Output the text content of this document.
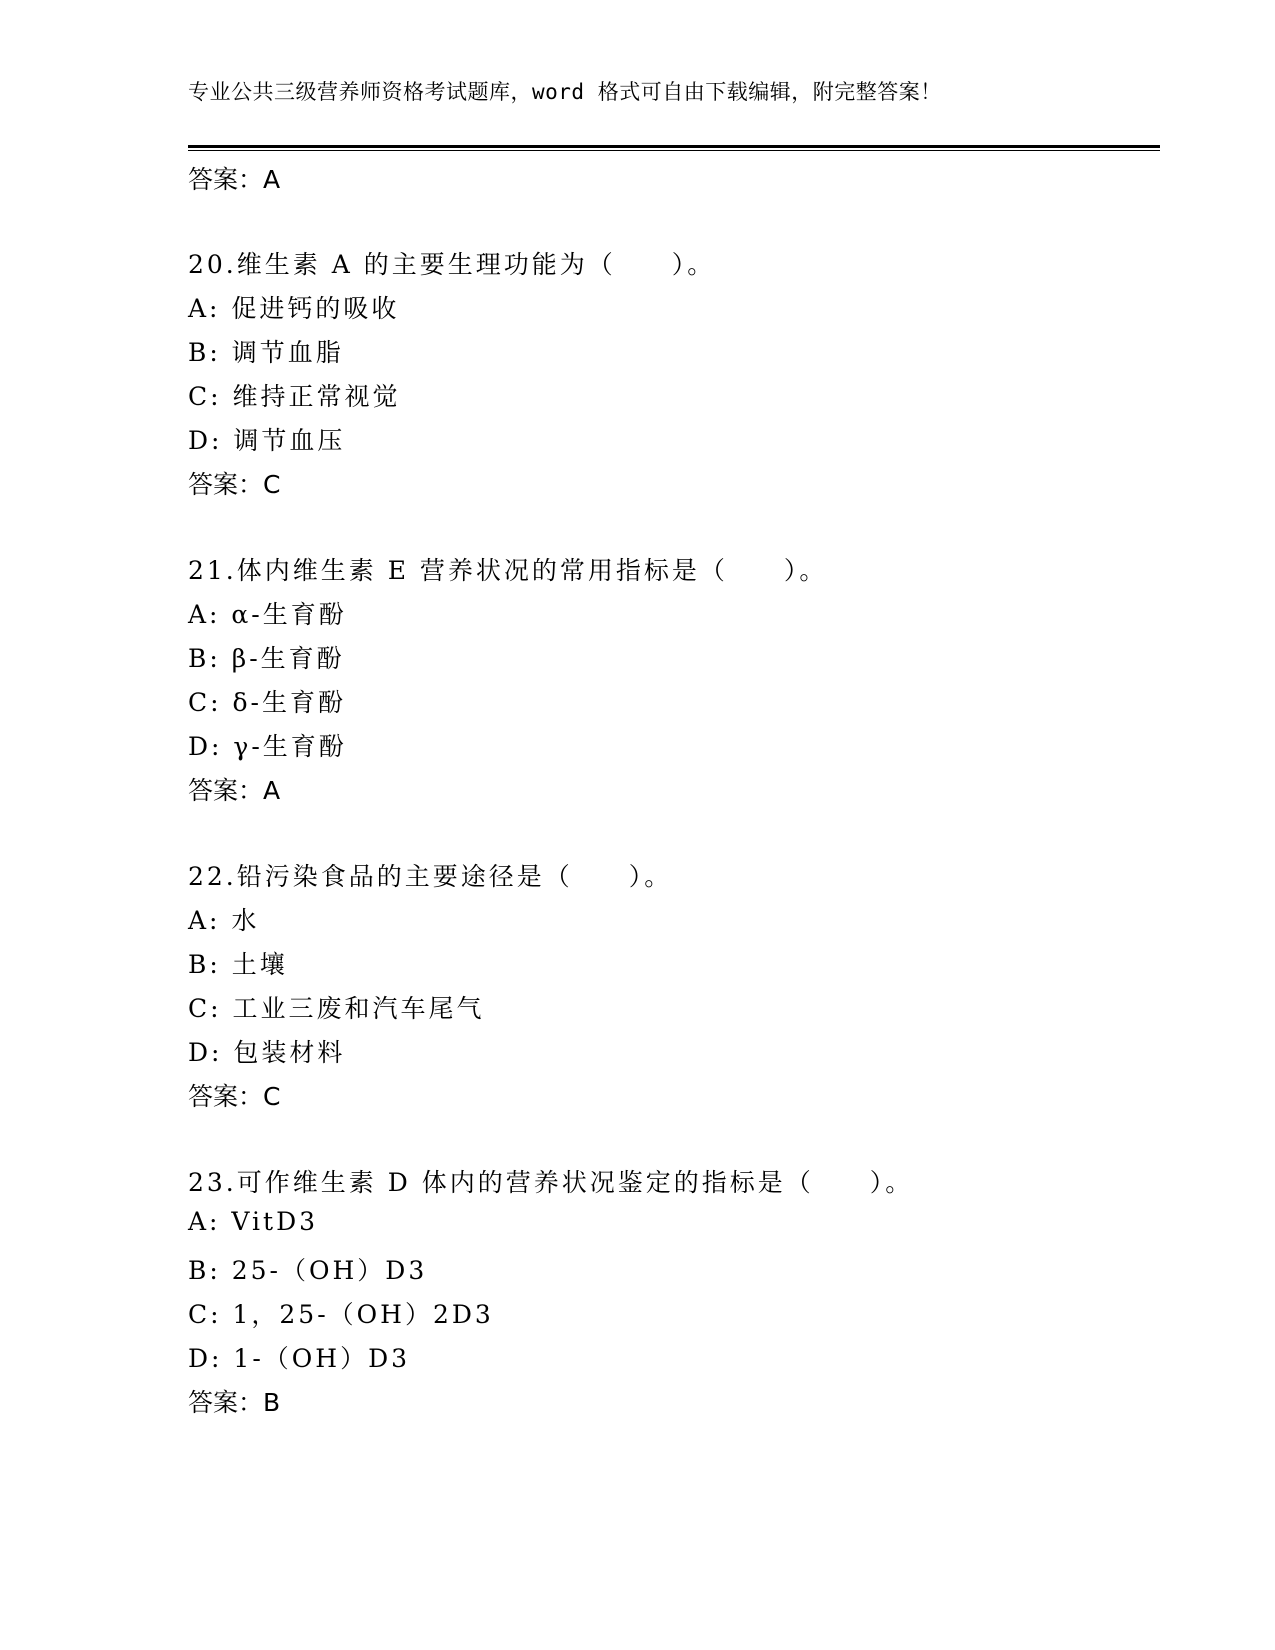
专业公共三级营养师资格考试题库，word 格式可自由下载编辑，附完整答案！
答案：A
20.维生素 A 的主要生理功能为（　　）。
A: 促进钙的吸收
B: 调节血脂
C: 维持正常视觉
D: 调节血压
答案：C
21.体内维生素 E 营养状况的常用指标是（　　）。
A: α-生育酚
B: β-生育酚
C: δ-生育酚
D: γ-生育酚
答案：A
22.铅污染食品的主要途径是（　　）。
A: 水
B: 土壤
C: 工业三废和汽车尾气
D: 包装材料
答案：C
23.可作维生素 D 体内的营养状况鉴定的指标是（　　）。
A: VitD3
B: 25-（OH）D3
C: 1，25-（OH）2D3
D: 1-（OH）D3
答案：B
